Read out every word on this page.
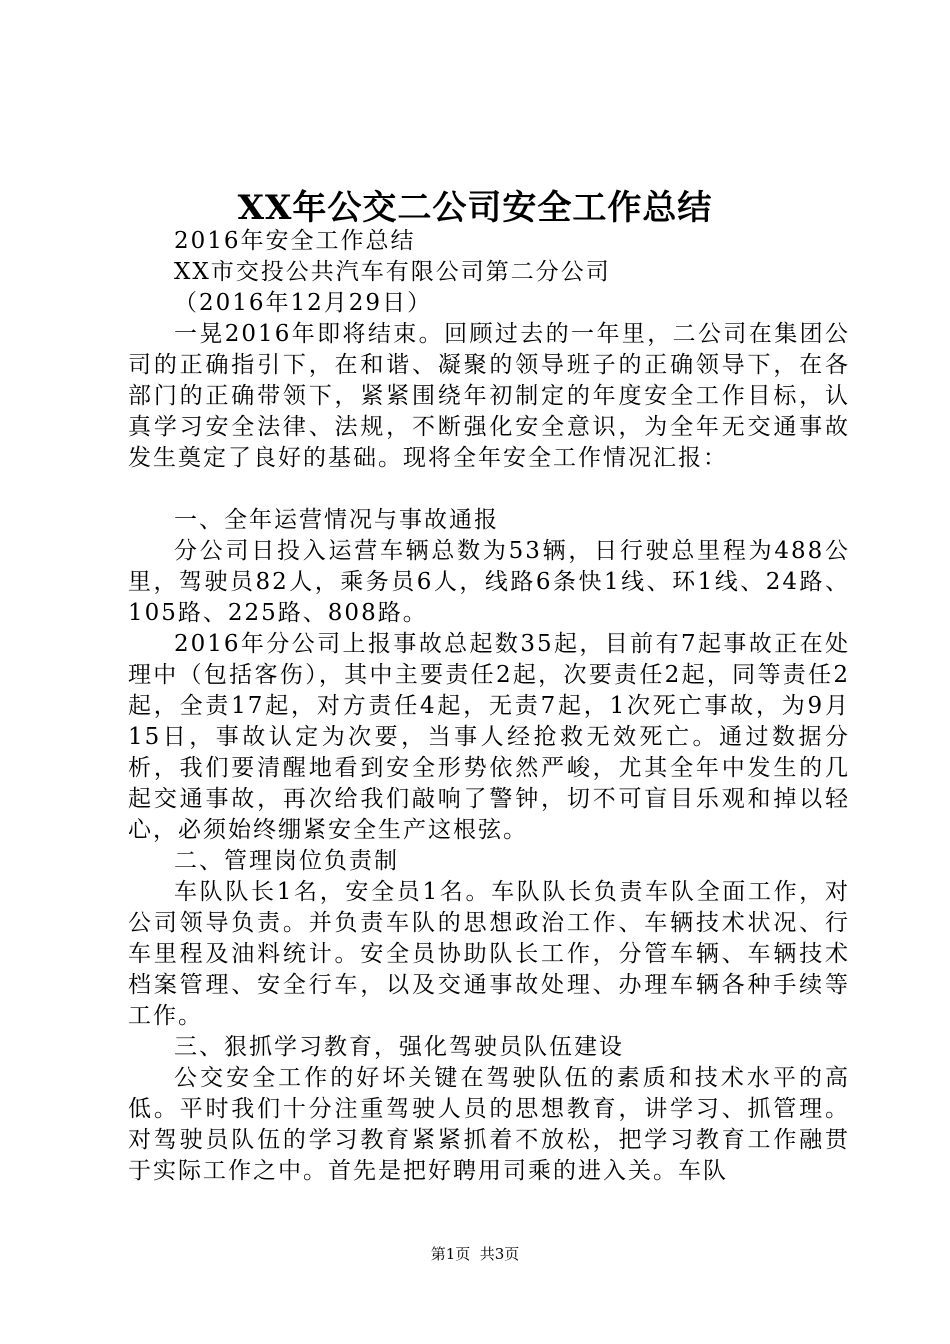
XX年公交二公司安全工作总结

2016年安全工作总结

XX市交投公共汽车有限公司第二分公司

（2016年12月29日）

一晃2016年即将结束。回顾过去的一年里，二公司在集团公司的正确指引下，在和谐、凝聚的领导班子的正确领导下，在各部门的正确带领下，紧紧围绕年初制定的年度安全工作目标，认真学习安全法律、法规，不断强化安全意识，为全年无交通事故发生奠定了良好的基础。现将全年安全工作情况汇报：

一、全年运营情况与事故通报

分公司日投入运营车辆总数为53辆，日行驶总里程为488公里，驾驶员82人，乘务员6人，线路6条快1线、环1线、24路、105路、225路、808路。

2016年分公司上报事故总起数35起，目前有7起事故正在处理中（包括客伤），其中主要责任2起，次要责任2起，同等责任2起，全责17起，对方责任4起，无责7起，1次死亡事故，为9月15日，事故认定为次要，当事人经抢救无效死亡。通过数据分析，我们要清醒地看到安全形势依然严峻，尤其全年中发生的几起交通事故，再次给我们敲响了警钟，切不可盲目乐观和掉以轻心，必须始终绷紧安全生产这根弦。

二、管理岗位负责制

车队队长1名，安全员1名。车队队长负责车队全面工作，对公司领导负责。并负责车队的思想政治工作、车辆技术状况、行车里程及油料统计。安全员协助队长工作，分管车辆、车辆技术档案管理、安全行车，以及交通事故处理、办理车辆各种手续等工作。

三、狠抓学习教育，强化驾驶员队伍建设

公交安全工作的好坏关键在驾驶队伍的素质和技术水平的高低。平时我们十分注重驾驶人员的思想教育，讲学习、抓管理。对驾驶员队伍的学习教育紧紧抓着不放松，把学习教育工作融贯于实际工作之中。首先是把好聘用司乘的进入关。车队

第1页  共3页
